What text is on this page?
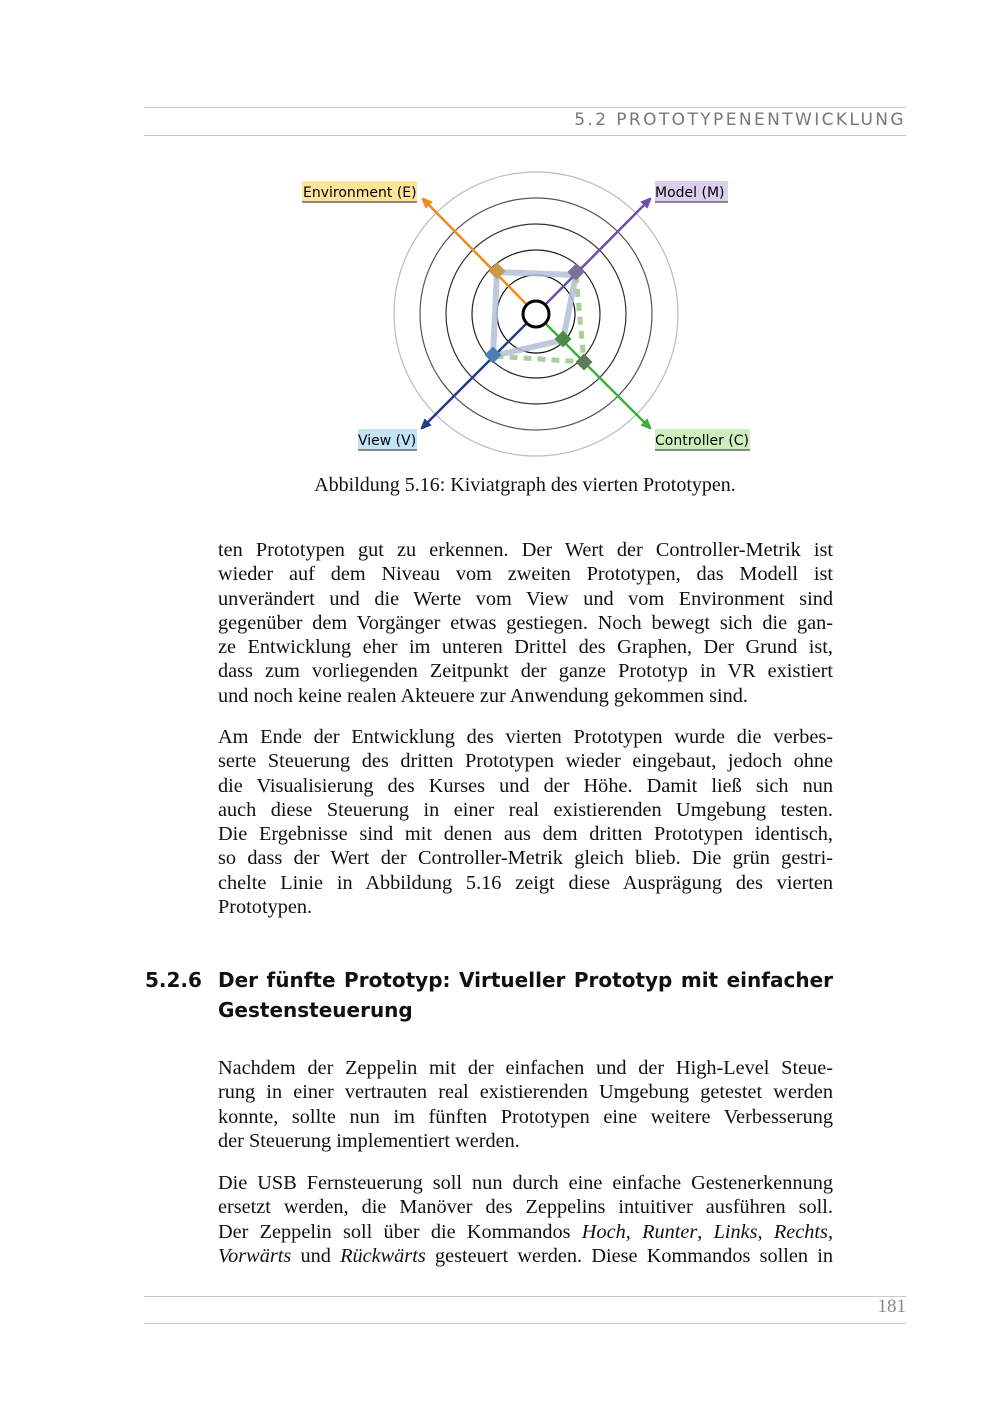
5.2 PROTOTYPENENTWICKLUNG
Environment (E)	Model (M)
View (V)	Controller (C)
Abbildung 5.16: Kiviatgraph des vierten Prototypen.
ten Prototypen gut zu erkennen. Der Wert der Controller-Metrik ist
wieder auf dem Niveau vom zweiten Prototypen, das Modell ist
unverändert und die Werte vom View und vom Environment sind
gegenüber dem Vorgänger etwas gestiegen. Noch bewegt sich die gan-
ze Entwicklung eher im unteren Drittel des Graphen, Der Grund ist,
dass zum vorliegenden Zeitpunkt der ganze Prototyp in VR existiert
und noch keine realen Akteuere zur Anwendung gekommen sind.
Am Ende der Entwicklung des vierten Prototypen wurde die verbes-
serte Steuerung des dritten Prototypen wieder eingebaut, jedoch ohne
die Visualisierung des Kurses und der Höhe. Damit ließ sich nun
auch diese Steuerung in einer real existierenden Umgebung testen.
Die Ergebnisse sind mit denen aus dem dritten Prototypen identisch,
so dass der Wert der Controller-Metrik gleich blieb. Die grün gestri-
chelte Linie in Abbildung 5.16 zeigt diese Ausprägung des vierten
Prototypen.
5.2.6 Der fünfte Prototyp: Virtueller Prototyp mit einfacher
Gestensteuerung
Nachdem der Zeppelin mit der einfachen und der High-Level Steue-
rung in einer vertrauten real existierenden Umgebung getestet werden
konnte, sollte nun im fünften Prototypen eine weitere Verbesserung
der Steuerung implementiert werden.
Die USB Fernsteuerung soll nun durch eine einfache Gestenerkennung
ersetzt werden, die Manöver des Zeppelins intuitiver ausführen soll.
Der Zeppelin soll über die Kommandos Hoch, Runter, Links, Rechts,
Vorwärts und Rückwärts gesteuert werden. Diese Kommandos sollen in
181
